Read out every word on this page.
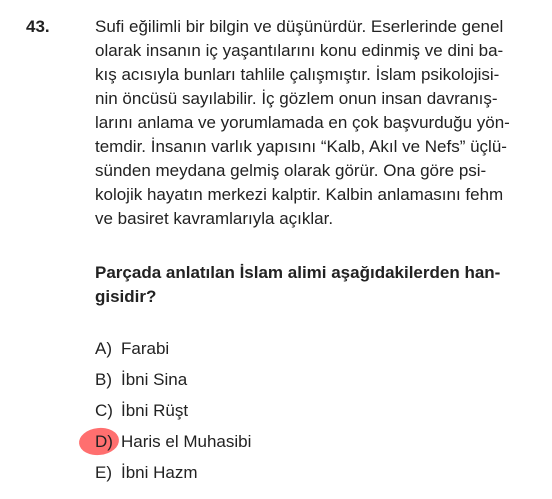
43.	Sufi eğilimli bir bilgin ve düşünürdür. Eserlerinde genel
olarak insanın iç yaşantılarını konu edinmiş ve dini ba-
kış acısıyla bunları tahlile çalışmıştır. İslam psikolojisi-
nin öncüsü sayılabilir. İç gözlem onun insan davranış-
larını anlama ve yorumlamada en çok başvurduğu yön-
temdir. İnsanın varlık yapısını “Kalb, Akıl ve Nefs” üçlü-
sünden meydana gelmiş olarak görür. Ona göre psi-
kolojik hayatın merkezi kalptir. Kalbin anlamasını fehm
ve basiret kavramlarıyla açıklar.
Parçada anlatılan İslam alimi aşağıdakilerden han-
gisidir?
A) Farabi
B) İbni Sina
C) İbni Rüşt
D) Haris el Muhasibi
E) İbni Hazm
